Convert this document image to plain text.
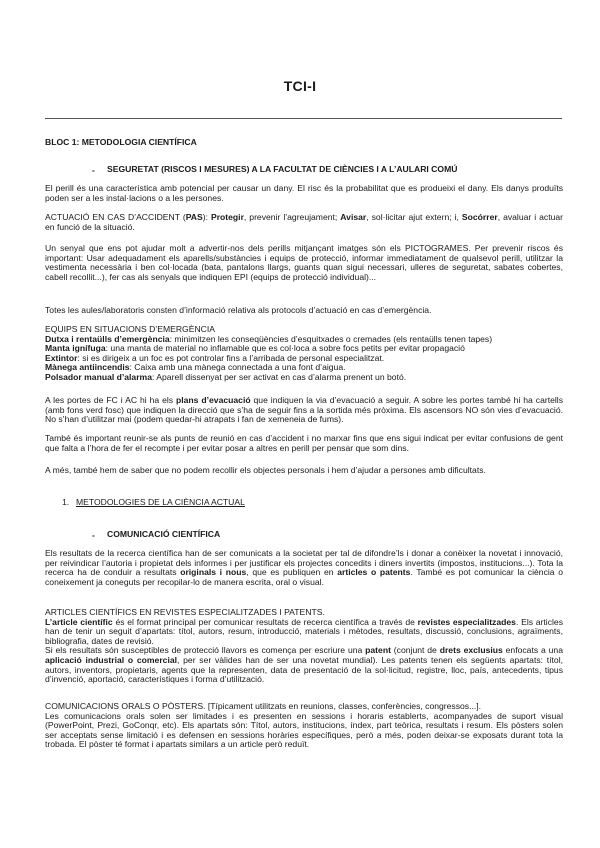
TCI-I
BLOC 1: METODOLOGIA CIENTÍFICA
- SEGURETAT (RISCOS I MESURES) A LA FACULTAT DE CIÈNCIES I A L’AULARI COMÚ
El perill és una característica amb potencial per causar un dany. El risc és la probabilitat que es produeixi el dany. Els danys produïts poden ser a les instal·lacions o a les persones.
ACTUACIÓ EN CAS D’ACCIDENT (PAS): Protegir, prevenir l’agreujament; Avisar, sol·licitar ajut extern; i, Socórrer, avaluar i actuar en funció de la situació.
Un senyal que ens pot ajudar molt a advertir-nos dels perills mitjançant imatges són els PICTOGRAMES. Per prevenir riscos és important: Usar adequadament els aparells/substàncies i equips de protecció, informar immediatament de qualsevol perill, utilitzar la vestimenta necessària i ben col·locada (bata, pantalons llargs, guants quan sigui necessari, ulleres de seguretat, sabates cobertes, cabell recollit...), fer cas als senyals que indiquen EPI (equips de protecció individual)...
Totes les aules/laboratoris consten d’informació relativa als protocols d’actuació en cas d’emergència.
EQUIPS EN SITUACIONS D’EMERGÈNCIA
Dutxa i rentaülls d’emergència: minimitzen les conseqüències d’esquitxades o cremades (els rentaülls tenen tapes)
Manta ignífuga: una manta de material no inflamable que es col·loca a sobre focs petits per evitar propagació
Extintor: si es dirigeix a un foc es pot controlar fins a l’arribada de personal especialitzat.
Mànega antiincendis: Caixa amb una mànega connectada a una font d’aigua.
Polsador manual d’alarma: Aparell dissenyat per ser activat en cas d’alarma prenent un botó.
A les portes de FC i AC hi ha els plans d’evacuació que indiquen la via d’evacuació a seguir. A sobre les portes també hi ha cartells (amb fons verd fosc) que indiquen la direcció que s’ha de seguir fins a la sortida més pròxima. Els ascensors NO són vies d’evacuació. No s’han d’utilitzar mai (podem quedar-hi atrapats i fan de xemeneia de fums).
També és important reunir-se als punts de reunió en cas d’accident i no marxar fins que ens sigui indicat per evitar confusions de gent que falta a l’hora de fer el recompte i per evitar posar a altres en perill per pensar que som dins.
A més, també hem de saber que no podem recollir els objectes personals i hem d’ajudar a persones amb dificultats.
1. METODOLOGIES DE LA CIÈNCIA ACTUAL
- COMUNICACIÓ CIENTÍFICA
Els resultats de la recerca científica han de ser comunicats a la societat per tal de difondre’ls i donar a conèixer la novetat i innovació, per reivindicar l’autoria i propietat dels informes i per justificar els projectes concedits i diners invertits (impostos, institucions...). Tota la recerca ha de conduir a resultats originals i nous, que es publiquen en articles o patents. També es pot comunicar la ciència o coneixement ja coneguts per recopilar-lo de manera escrita, oral o visual.
ARTICLES CIENTÍFICS EN REVISTES ESPECIALITZADES I PATENTS.
L’article científic és el format principal per comunicar resultats de recerca científica a través de revistes especialitzades. Els articles han de tenir un seguit d’apartats: títol, autors, resum, introducció, materials i mètodes, resultats, discussió, conclusions, agraïments, bibliografia, dates de revisió.
Si els resultats són susceptibles de protecció llavors es comença per escriure una patent (conjunt de drets exclusius enfocats a una aplicació industrial o comercial, per ser vàlides han de ser una novetat mundial). Les patents tenen els següents apartats: títol, autors, inventors, propietaris, agents que la representen, data de presentació de la sol·licitud, registre, lloc, país, antecedents, tipus d’invenció, aportació, característiques i forma d’utilització.
COMUNICACIONS ORALS O PÒSTERS. [Típicament utilitzats en reunions, classes, conferències, congressos...].
Les comunicacions orals solen ser limitades i es presenten en sessions i horaris establerts, acompanyades de suport visual (PowerPoint, Prezi, GoConqr, etc). Els apartats són: Títol, autors, institucions, índex, part teòrica, resultats i resum. Els pòsters solen ser acceptats sense limitació i es defensen en sessions horàries específiques, però a més, poden deixar-se exposats durant tota la trobada. El pòster té format i apartats similars a un article però reduït.
